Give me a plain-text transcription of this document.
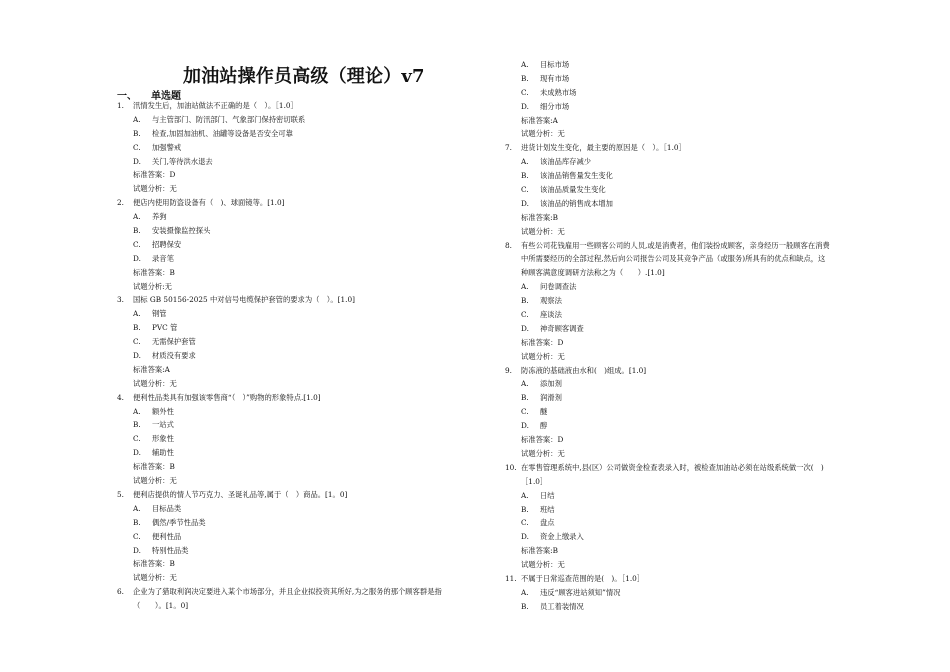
加油站操作员高级（理论）v7
一、 单选题
1. 汛情发生后，加油站做法不正确的是（　）。［1.0］
A. 与主管部门、防汛部门、气象部门保持密切联系
B. 检查,加固加油机、油罐等设备是否安全可靠
C. 加强警戒
D. 关门,等待洪水退去
标准答案：D
试题分析：无
2. 便店内使用防盗设备有（　)、球面镜等。[1.0]
A. 养狗
B. 安装摄像监控探头
C. 招聘保安
D. 录音笔
标准答案：B
试题分析:无
3. 国标 GB 50156-2025 中对信号电缆保护套管的要求为（　）。[1.0]
A. 钢管
B. PVC 管
C. 无需保护套管
D. 材质没有要求
标准答案:A
试题分析：无
4. 便利性品类具有加强该零售商“（　）”购物的形象特点.[1.0]
A. 额外性
B. 一站式
C. 形象性
D. 辅助性
标准答案：B
试题分析：无
5. 便利店提供的情人节巧克力、圣诞礼品等,属于（　）商品。[1。0]
A. 目标品类
B. 偶然/季节性品类
C. 便利性品
D. 特别性品类
标准答案：B
试题分析：无
6. 企业为了猎取利润决定要进入某个市场部分，并且企业拟投资其所好,为之服务的那个顾客群是指
（　　）。[1。0]
A. 目标市场
B. 现有市场
C. 未成熟市场
D. 细分市场
标准答案:A
试题分析：无
7. 进货计划发生变化，最主要的原因是（　）。［1.0］
A. 该油品库存减少
B. 该油品销售量发生变化
C. 该油品质量发生变化
D. 该油品的销售成本增加
标准答案:B
试题分析：无
8. 有些公司花钱雇用一些顾客公司的人员,或是消费者，他们装扮成顾客，亲身经历一般顾客在消费
中所需要经历的全部过程,然后向公司报告公司及其竞争产品（或服务)所具有的优点和缺点，这
种顾客满意度调研方法称之为（　　）.[1.0]
A. 问卷调查法
B. 观察法
C. 座谈法
D. 神奇顾客调查
标准答案：D
试题分析：无
9. 防冻液的基础液由水和(　)组成。[1.0]
A. 添加剂
B. 润滑剂
C. 醚
D. 醇
标准答案：D
试题分析：无
10. 在零售管理系统中,县(区）公司做资金检查表录入时，被检查加油站必须在站级系统做一次(　)
［1.0］
A. 日结
B. 班结
C. 盘点
D. 资金上缴录入
标准答案:B
试题分析：无
11. 不属于日常巡查范围的是(　)。［1.0］
A. 违反“顾客进站须知”情况
B. 员工着装情况
